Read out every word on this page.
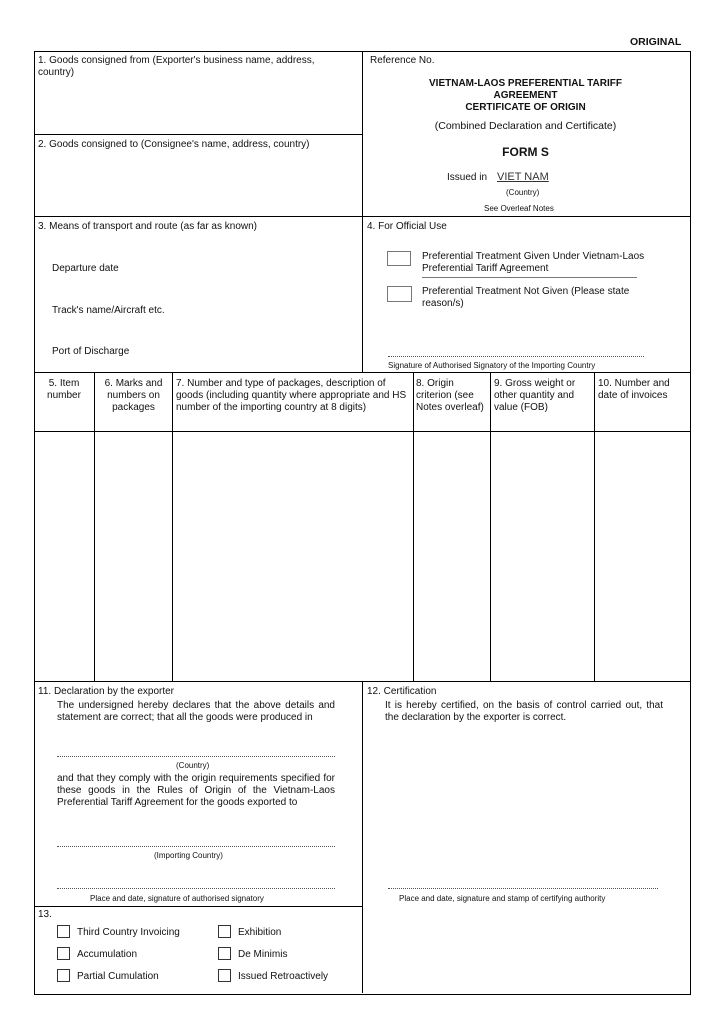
ORIGINAL
1. Goods consigned from (Exporter's business name, address, country)
2. Goods consigned to (Consignee's name, address, country)
Reference No.
VIETNAM-LAOS PREFERENTIAL TARIFF
AGREEMENT
CERTIFICATE OF ORIGIN
(Combined Declaration and Certificate)
FORM S
Issued in VIET NAM
(Country)
See Overleaf Notes
3. Means of transport and route (as far as known)
Departure date
Track's name/Aircraft etc.
Port of Discharge
4. For Official Use
Preferential Treatment Given Under Vietnam-Laos Preferential Tariff Agreement
Preferential Treatment Not Given (Please state reason/s)
Signature of Authorised Signatory of the Importing Country
5. Item number
6. Marks and numbers on packages
7. Number and type of packages, description of goods (including quantity where appropriate and HS number of the importing country at 8 digits)
8. Origin criterion (see Notes overleaf)
9. Gross weight or other quantity and value (FOB)
10. Number and date of invoices
11. Declaration by the exporter
The undersigned hereby declares that the above details and statement are correct; that all the goods were produced in
(Country)
and that they comply with the origin requirements specified for these goods in the Rules of Origin of the Vietnam-Laos Preferential Tariff Agreement for the goods exported to
(Importing Country)
Place and date, signature of authorised signatory
12. Certification
It is hereby certified, on the basis of control carried out, that the declaration by the exporter is correct.
Place and date, signature and stamp of certifying authority
13.
Third Country Invoicing	Exhibition
Accumulation	De Minimis
Partial Cumulation	Issued Retroactively
